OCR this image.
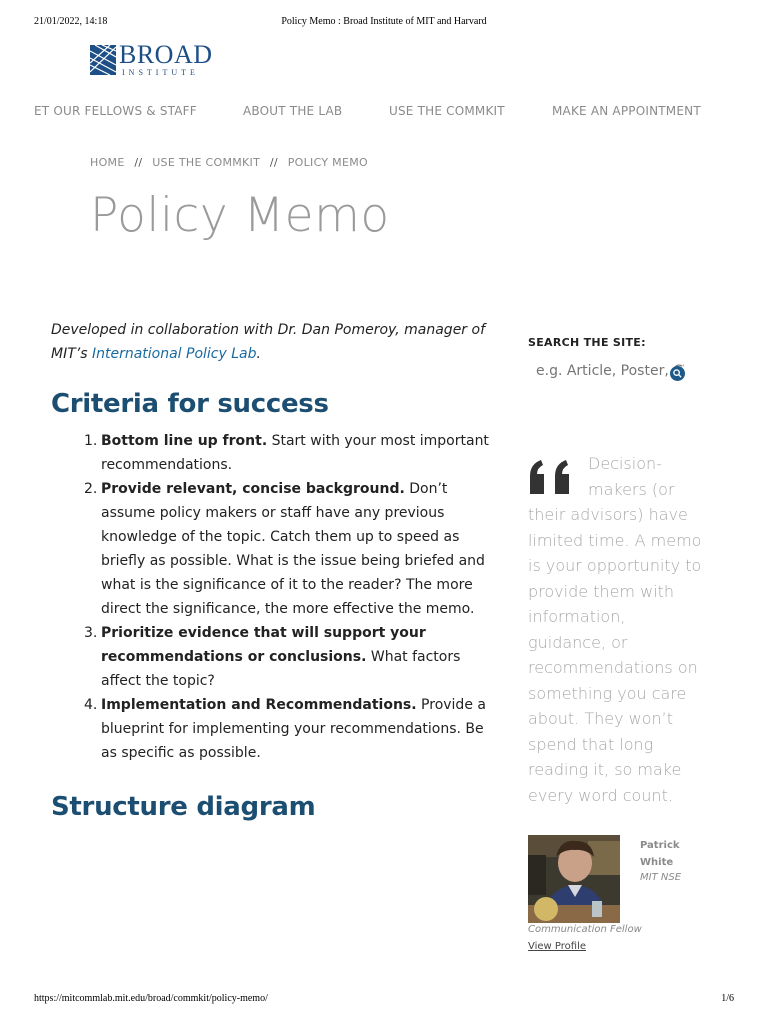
21/01/2022, 14:18	Policy Memo : Broad Institute of MIT and Harvard
BROAD
INSTITUTE
ET OUR FELLOWS & STAFF	ABOUT THE LAB	USE THE COMMKIT	MAKE AN APPOINTMENT
HOME // USE THE COMMKIT // POLICY MEMO
Policy Memo

Developed in collaboration with Dr. Dan Pomeroy, manager of MIT’s International Policy Lab.

Criteria for success
1. Bottom line up front. Start with your most important recommendations.
2. Provide relevant, concise background. Don’t assume policy makers or staff have any previous knowledge of the topic. Catch them up to speed as briefly as possible. What is the issue being briefed and what is the significance of it to the reader? The more direct the significance, the more effective the memo.
3. Prioritize evidence that will support your recommendations or conclusions. What factors affect the topic?
4. Implementation and Recommendations. Provide a blueprint for implementing your recommendations. Be as specific as possible.
Structure diagram
SEARCH THE SITE:
e.g. Article, Poster, CV
Decision-makers (or their advisors) have limited time. A memo is your opportunity to provide them with information, guidance, or recommendations on something you care about. They won’t spend that long reading it, so make every word count.
Patrick White
MIT NSE
Communication Fellow
View Profile
https://mitcommlab.mit.edu/broad/commkit/policy-memo/	1/6
